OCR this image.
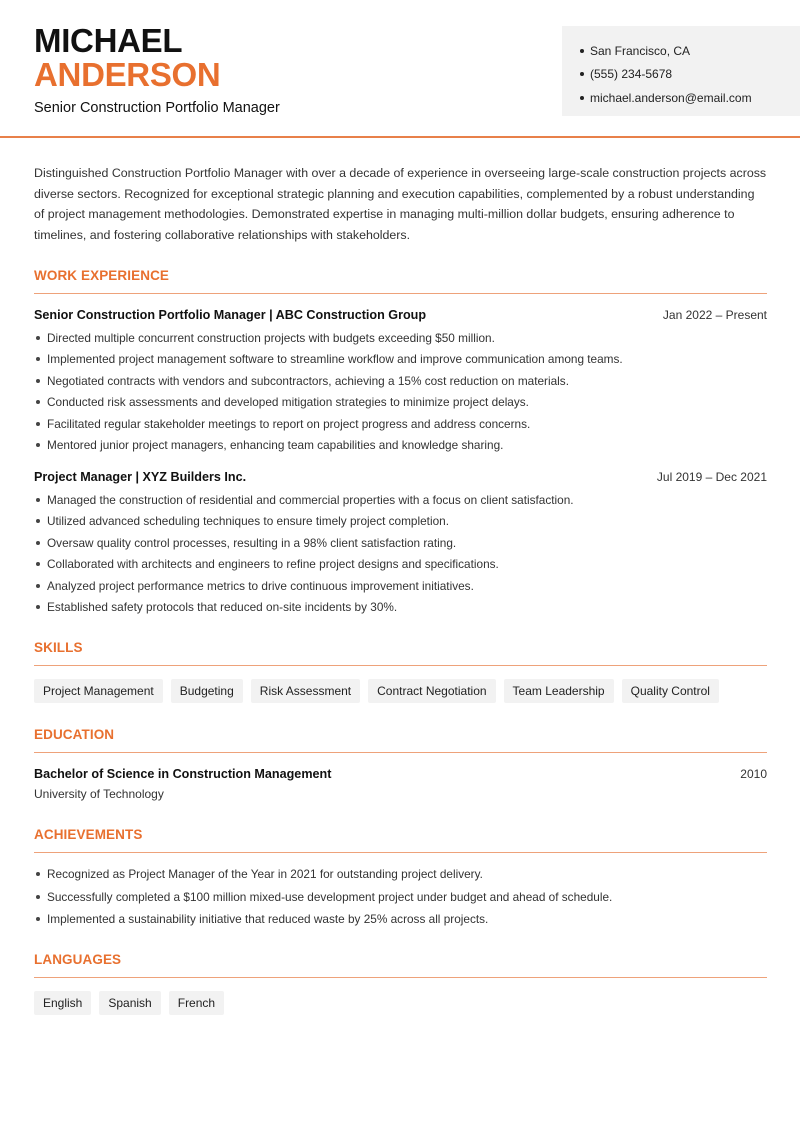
MICHAEL
ANDERSON
Senior Construction Portfolio Manager
San Francisco, CA
(555) 234-5678
michael.anderson@email.com

Distinguished Construction Portfolio Manager with over a decade of experience in overseeing large-scale construction projects across diverse sectors. Recognized for exceptional strategic planning and execution capabilities, complemented by a robust understanding of project management methodologies. Demonstrated expertise in managing multi-million dollar budgets, ensuring adherence to timelines, and fostering collaborative relationships with stakeholders.

WORK EXPERIENCE
Senior Construction Portfolio Manager | ABC Construction Group	Jan 2022 – Present
Directed multiple concurrent construction projects with budgets exceeding $50 million.
Implemented project management software to streamline workflow and improve communication among teams.
Negotiated contracts with vendors and subcontractors, achieving a 15% cost reduction on materials.
Conducted risk assessments and developed mitigation strategies to minimize project delays.
Facilitated regular stakeholder meetings to report on project progress and address concerns.
Mentored junior project managers, enhancing team capabilities and knowledge sharing.
Project Manager | XYZ Builders Inc.	Jul 2019 – Dec 2021
Managed the construction of residential and commercial properties with a focus on client satisfaction.
Utilized advanced scheduling techniques to ensure timely project completion.
Oversaw quality control processes, resulting in a 98% client satisfaction rating.
Collaborated with architects and engineers to refine project designs and specifications.
Analyzed project performance metrics to drive continuous improvement initiatives.
Established safety protocols that reduced on-site incidents by 30%.
SKILLS
Project Management	Budgeting	Risk Assessment	Contract Negotiation	Team Leadership	Quality Control
EDUCATION
Bachelor of Science in Construction Management	2010
University of Technology
ACHIEVEMENTS
Recognized as Project Manager of the Year in 2021 for outstanding project delivery.
Successfully completed a $100 million mixed-use development project under budget and ahead of schedule.
Implemented a sustainability initiative that reduced waste by 25% across all projects.
LANGUAGES
English	Spanish	French
